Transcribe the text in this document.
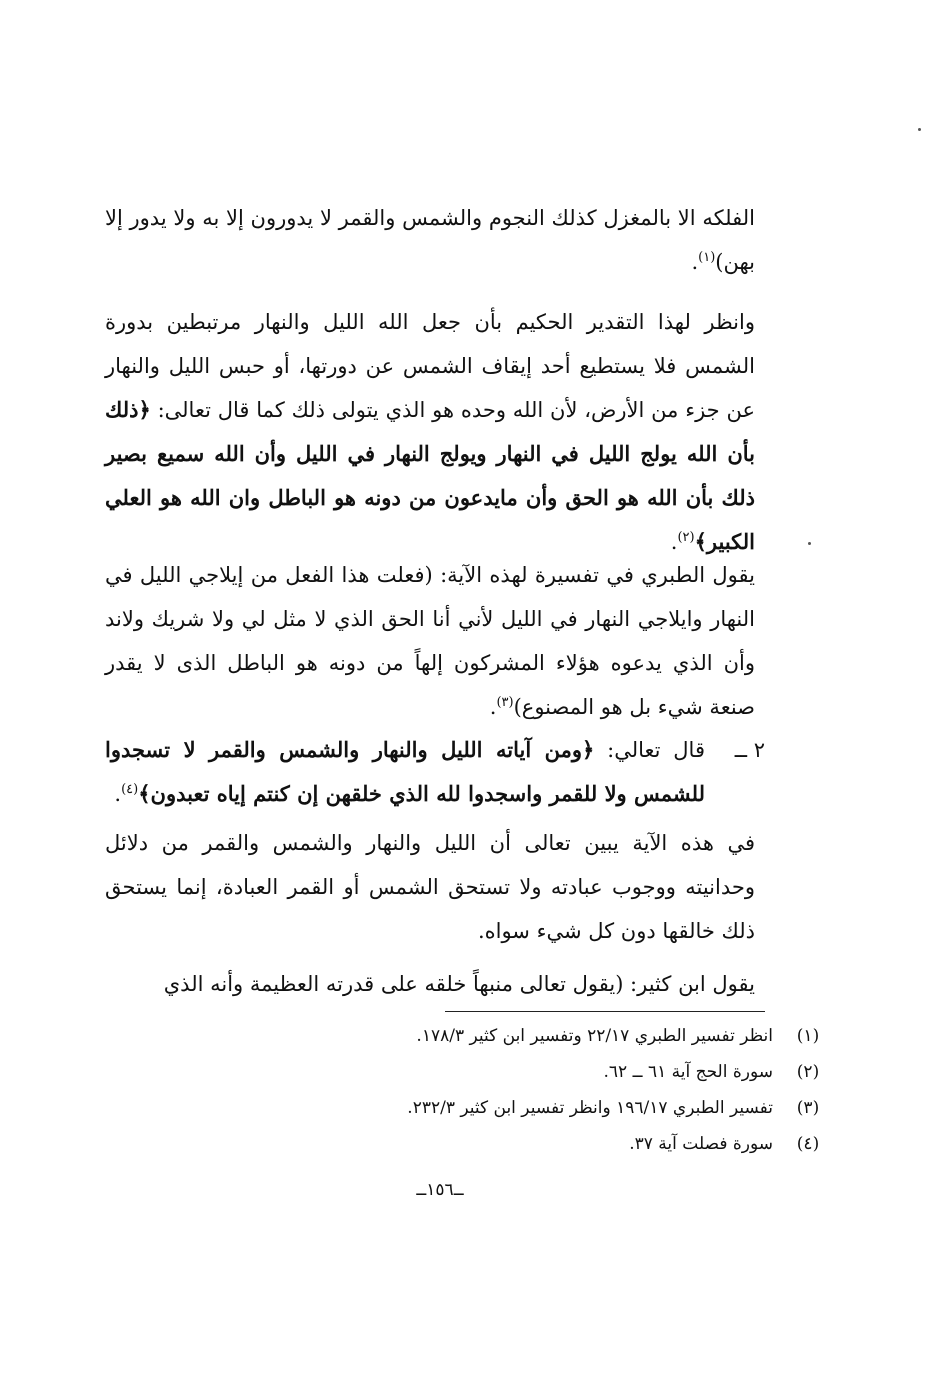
الفلكه الا بالمغزل كذلك النجوم والشمس والقمر لا يدورون إلا به ولا يدور إلا بهن)$^{(١)}$.

وانظر لهذا التقدير الحكيم بأن جعل الله الليل والنهار مرتبطين بدورة الشمس فلا يستطيع أحد إيقاف الشمس عن دورتها، أو حبس الليل والنهار عن جزء من الأرض، لأن الله وحده هو الذي يتولى ذلك كما قال تعالى: ﴿ذلك بأن الله يولج الليل في النهار ويولج النهار في الليل وأن الله سميع بصير ذلك بأن الله هو الحق وأن مايدعون من دونه هو الباطل وان الله هو العلي الكبير﴾$^{(٢)}$.

يقول الطبري في تفسيرة لهذه الآية: (فعلت هذا الفعل من إيلاجي الليل في النهار وايلاجي النهار في الليل لأني أنا الحق الذي لا مثل لي ولا شريك ولاند وأن الذي يدعوه هؤلاء المشركون إلهاً من دونه هو الباطل الذى لا يقدر صنعة شيء بل هو المصنوع)$^{(٣)}$.

٢ ــ
قال تعالي: ﴿ومن آياته الليل والنهار والشمس والقمر لا تسجدوا للشمس ولا للقمر واسجدوا لله الذي خلقهن إن كنتم إياه تعبدون﴾$^{(٤)}$.

في هذه الآية يبين تعالى أن الليل والنهار والشمس والقمر من دلائل وحدانيته ووجوب عبادته ولا تستحق الشمس أو القمر العبادة، إنما يستحق ذلك خالقها دون كل شيء سواه.

يقول ابن كثير: (يقول تعالى منبهاً خلقه على قدرته العظيمة وأنه الذي

(١)
انظر تفسير الطبري ٢٢/١٧ وتفسير ابن كثير ١٧٨/٣.
(٢)
سورة الحج آية ٦١ ــ ٦٢.
(٣)
تفسير الطبري ١٩٦/١٧ وانظر تفسير ابن كثير ٢٣٢/٣.
(٤)
سورة فصلت آية ٣٧.
ــ١٥٦ــ
